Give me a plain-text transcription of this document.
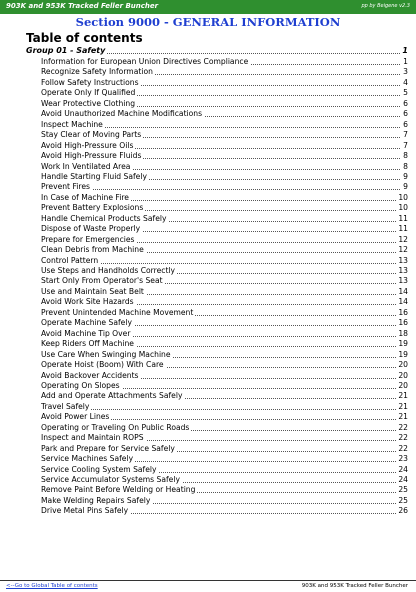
903K and 953K Tracked Feller Buncher	pp by Beigene v2.3
Section 9000 - GENERAL INFORMATION
Table of contents
Group 01 - Safety	1
Information for European Union Directives Compliance	1
Recognize Safety Information	3
Follow Safety Instructions	4
Operate Only If Qualified	5
Wear Protective Clothing	6
Avoid Unauthorized Machine Modifications	6
Inspect Machine	6
Stay Clear of Moving Parts	7
Avoid High-Pressure Oils	7
Avoid High-Pressure Fluids	8
Work In Ventilated Area	8
Handle Starting Fluid Safely	9
Prevent Fires	9
In Case of Machine Fire	10
Prevent Battery Explosions	10
Handle Chemical Products Safely	11
Dispose of Waste Properly	11
Prepare for Emergencies	12
Clean Debris from Machine	12
Control Pattern	13
Use Steps and Handholds Correctly	13
Start Only From Operator's Seat	13
Use and Maintain Seat Belt	14
Avoid Work Site Hazards	14
Prevent Unintended Machine Movement	16
Operate Machine Safely	16
Avoid Machine Tip Over	18
Keep Riders Off Machine	19
Use Care When Swinging Machine	19
Operate Hoist (Boom) With Care	20
Avoid Backover Accidents	20
Operating On Slopes	20
Add and Operate Attachments Safely	21
Travel Safely	21
Avoid Power Lines	21
Operating or Traveling On Public Roads	22
Inspect and Maintain ROPS	22
Park and Prepare for Service Safely	22
Service Machines Safely	23
Service Cooling System Safely	24
Service Accumulator Systems Safely	24
Remove Paint Before Welding or Heating	25
Make Welding Repairs Safely	25
Drive Metal Pins Safely	26
<--Go to Global Table of contents	903K and 953K Tracked Feller Buncher
